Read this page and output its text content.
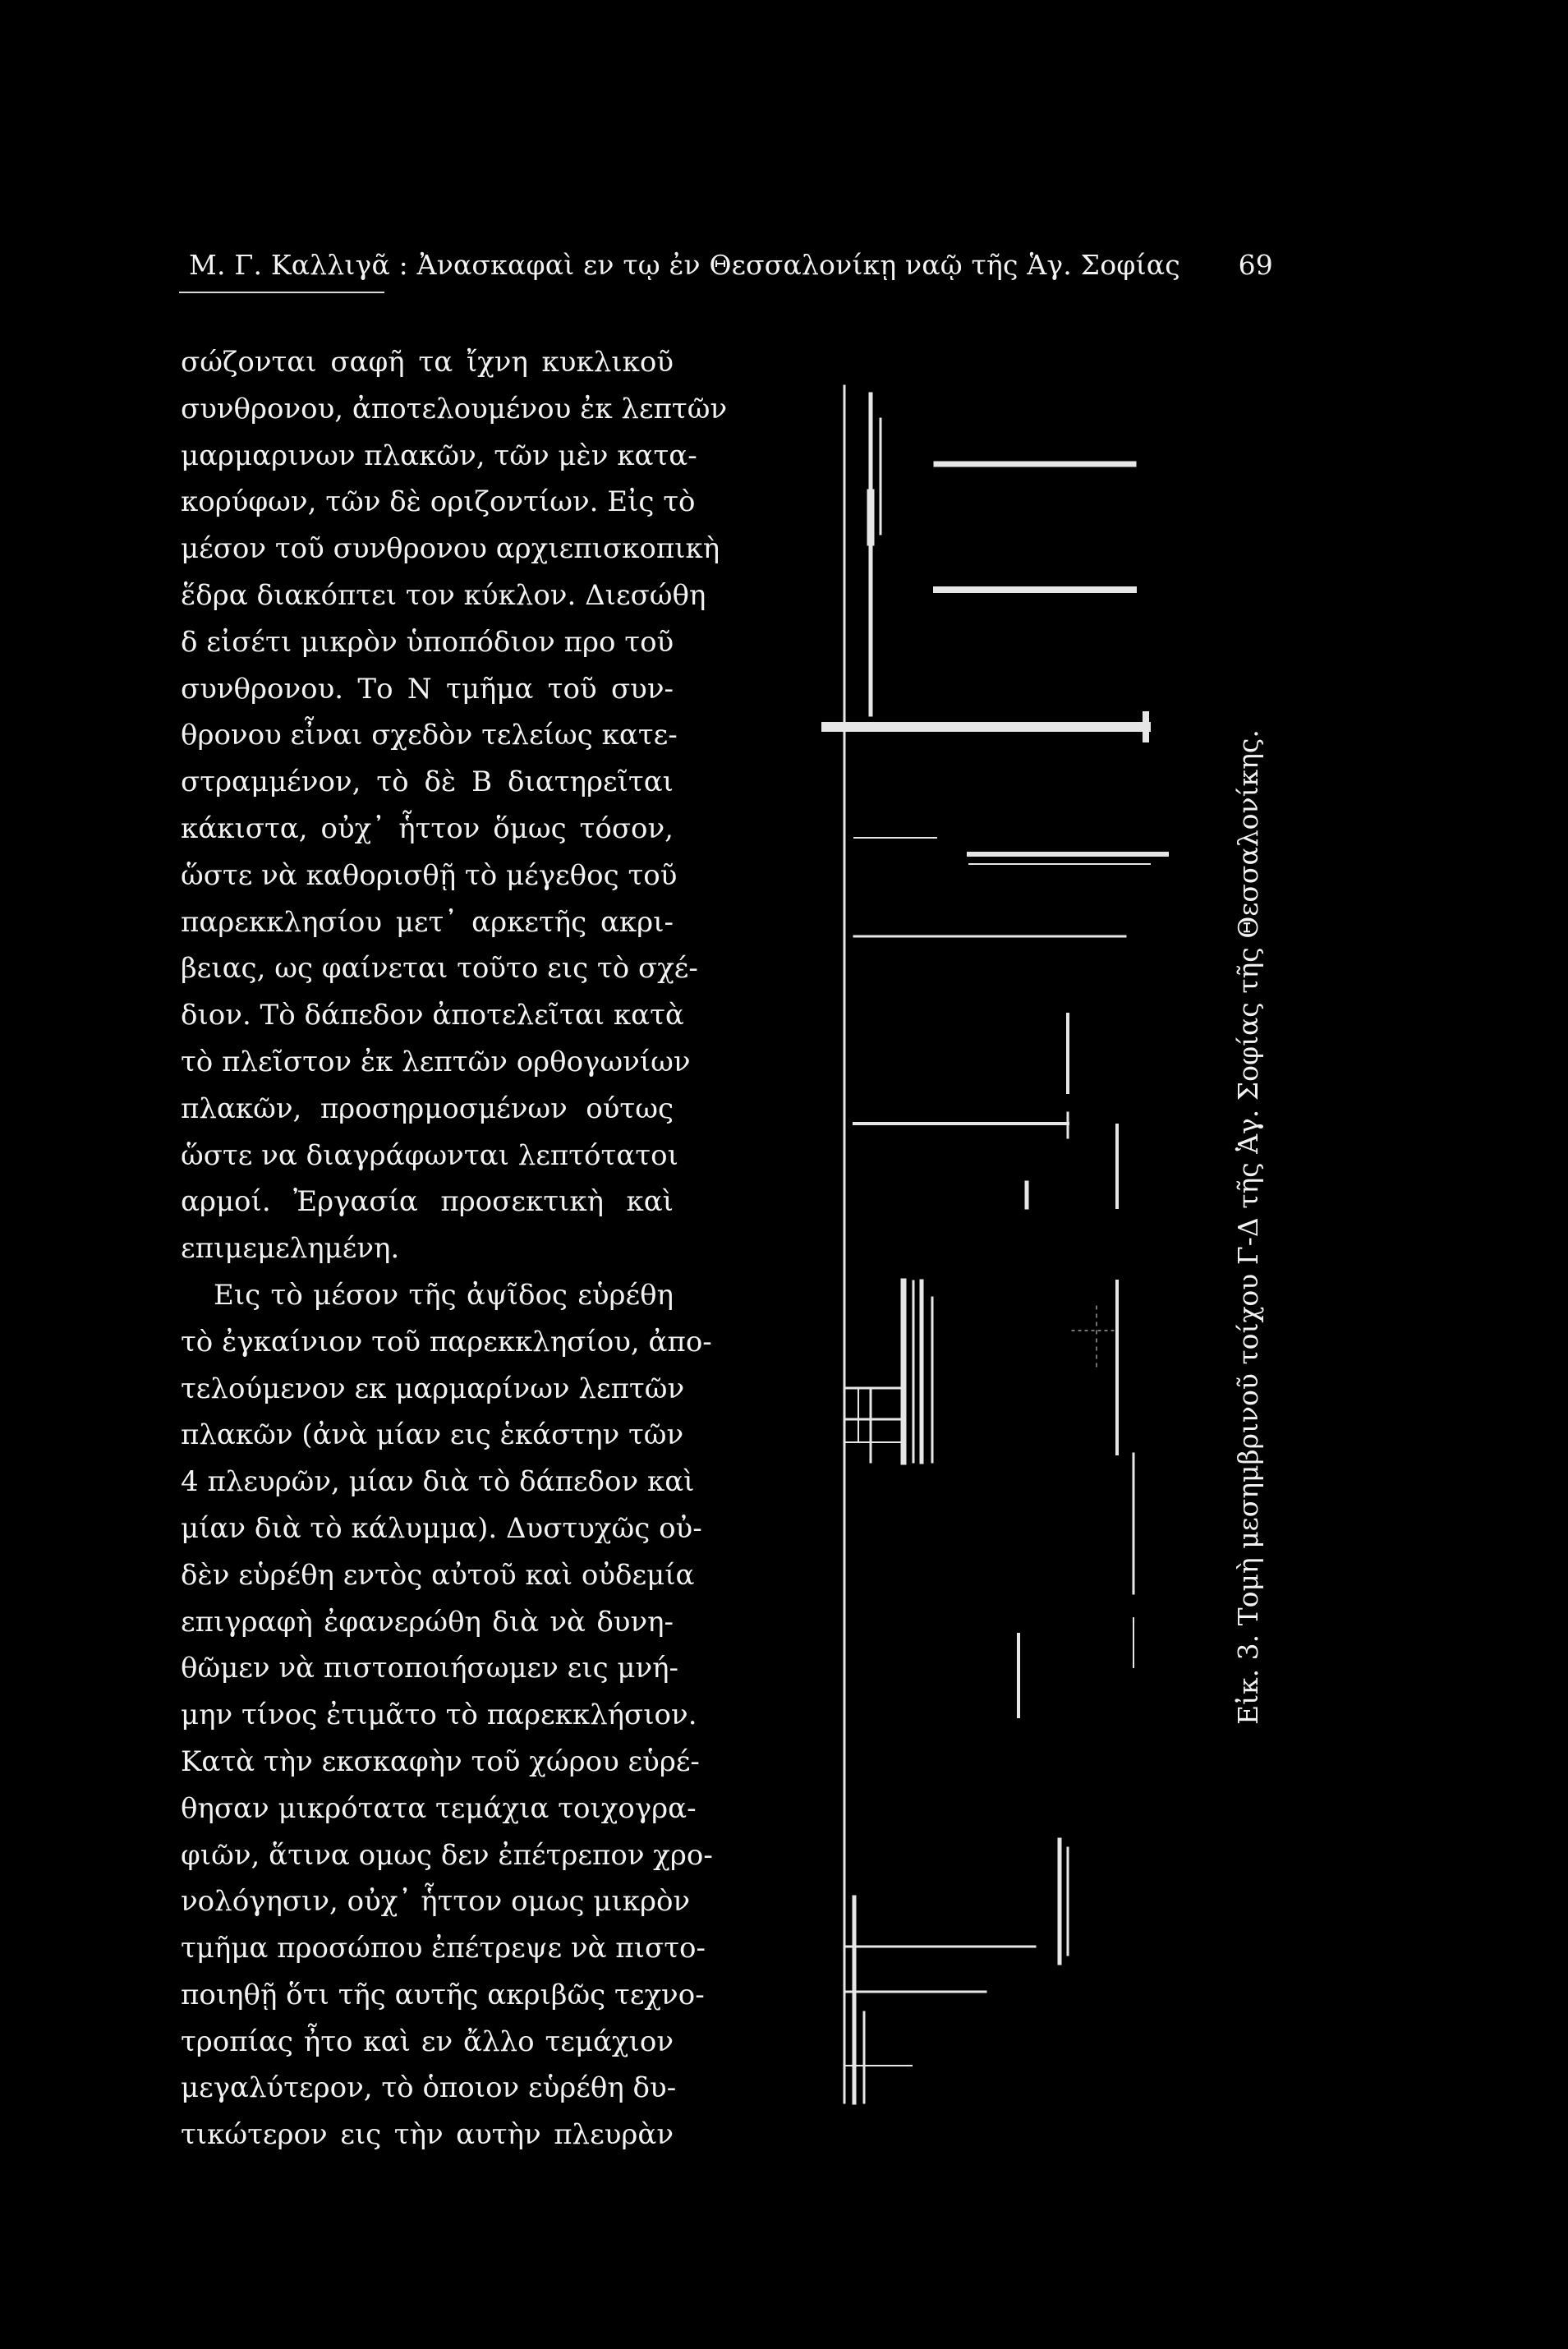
Μ. Γ. Καλλιγᾶ : Ἀνασκαφαὶ εν τῳ ἐν Θεσσαλονίκῃ ναῷ τῆς Ἁγ. Σοφίας 69
σώζονται σαφῆ τα ἴχνη κυκλικοῦ
συνθρονου, ἀποτελουμένου ἐκ λεπτῶν
μαρμαρινων πλακῶν, τῶν μὲν κατα-
κορύφων, τῶν δὲ οριζοντίων. Εἰς τὸ
μέσον τοῦ συνθρονου αρχιεπισκοπικὴ
ἕδρα διακόπτει τον κύκλον. Διεσώθη
δ εἰσέτι μικρὸν ὑποπόδιον προ τοῦ
συνθρονου. Το Ν τμῆμα τοῦ συν-
θρονου εἶναι σχεδὸν τελείως κατε-
στραμμένον, τὸ δὲ Β διατηρεῖται
κάκιστα, οὐχ᾽ ἧττον ὅμως τόσον,
ὥστε νὰ καθορισθῇ τὸ μέγεθος τοῦ
παρεκκλησίου μετ᾽ αρκετῆς ακρι-
βειας, ως φαίνεται τοῦτο εις τὸ σχέ-
διον. Τὸ δάπεδον ἀποτελεῖται κατὰ
τὸ πλεῖστον ἐκ λεπτῶν ορθογωνίων
πλακῶν, προσηρμοσμένων ούτως
ὥστε να διαγράφωνται λεπτότατοι
αρμοί. Ἐργασία προσεκτικὴ καὶ
επιμεμελημένη.
Εις τὸ μέσον τῆς ἀψῖδος εὑρέθη
τὸ ἐγκαίνιον τοῦ παρεκκλησίου, ἀπο-
τελούμενον εκ μαρμαρίνων λεπτῶν
πλακῶν (ἀνὰ μίαν εις ἑκάστην τῶν
4 πλευρῶν, μίαν διὰ τὸ δάπεδον καὶ
μίαν διὰ τὸ κάλυμμα). Δυστυχῶς οὐ-
δὲν εὑρέθη εντὸς αὐτοῦ καὶ οὐδεμία
επιγραφὴ ἐφανερώθη διὰ νὰ δυνη-
θῶμεν νὰ πιστοποιήσωμεν εις μνή-
μην τίνος ἐτιμᾶτο τὸ παρεκκλήσιον.
Κατὰ τὴν εκσκαφὴν τοῦ χώρου εὑρέ-
θησαν μικρότατα τεμάχια τοιχογρα-
φιῶν, ἅτινα ομως δεν ἐπέτρεπον χρο-
νολόγησιν, οὐχ᾽ ἧττον ομως μικρὸν
τμῆμα προσώπου ἐπέτρεψε νὰ πιστο-
ποιηθῇ ὅτι τῆς αυτῆς ακριβῶς τεχνο-
τροπίας ἦτο καὶ εν ἄλλο τεμάχιον
μεγαλύτερον, τὸ ὁποιον εὑρέθη δυ-
τικώτερον εις τὴν αυτὴν πλευρὰν
Εἰκ. 3. Τομὴ μεσημβρινοῦ τοίχου Γ-Δ τῆς Ἁγ. Σοφίας τῆς Θεσσαλονίκης.
